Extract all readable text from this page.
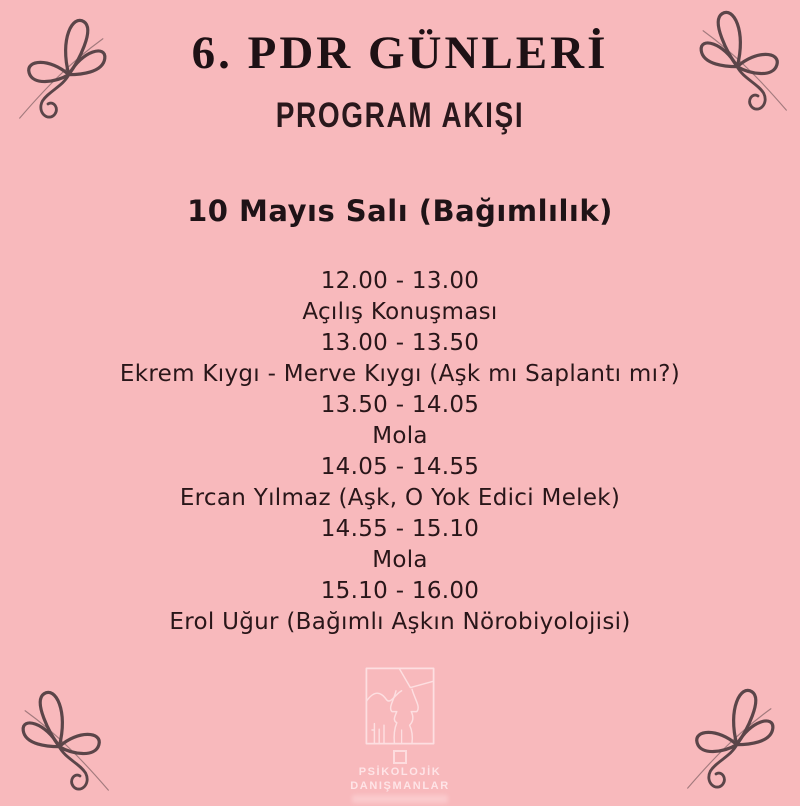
6. PDR GÜNLERİ
PROGRAM AKIŞI
10 Mayıs Salı (Bağımlılık)
12.00 - 13.00
Açılış Konuşması
13.00 - 13.50
Ekrem Kıygı - Merve Kıygı (Aşk mı Saplantı mı?)
13.50 - 14.05
Mola
14.05 - 14.55
Ercan Yılmaz (Aşk, O Yok Edici Melek)
14.55 - 15.10
Mola
15.10 - 16.00
Erol Uğur (Bağımlı Aşkın Nörobiyolojisi)
PSİKOLOJİK
DANIŞMANLAR
